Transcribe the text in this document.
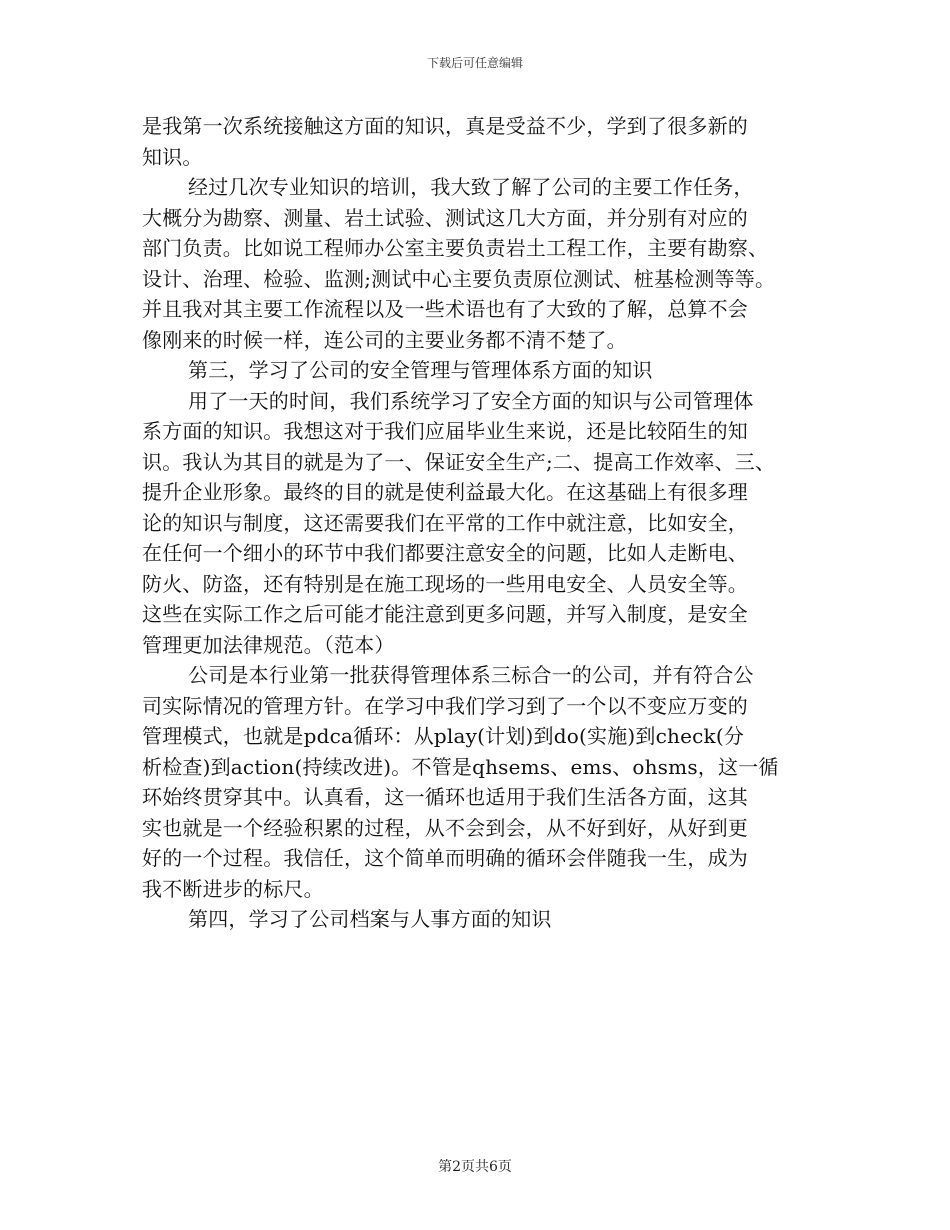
下载后可任意编辑
是我第一次系统接触这方面的知识，真是受益不少，学到了很多新的
知识。
经过几次专业知识的培训，我大致了解了公司的主要工作任务，
大概分为勘察、测量、岩土试验、测试这几大方面，并分别有对应的
部门负责。比如说工程师办公室主要负责岩土工程工作，主要有勘察、
设计、治理、检验、监测;测试中心主要负责原位测试、桩基检测等等。
并且我对其主要工作流程以及一些术语也有了大致的了解，总算不会
像刚来的时候一样，连公司的主要业务都不清不楚了。
第三，学习了公司的安全管理与管理体系方面的知识
用了一天的时间，我们系统学习了安全方面的知识与公司管理体
系方面的知识。我想这对于我们应届毕业生来说，还是比较陌生的知
识。我认为其目的就是为了一、保证安全生产;二、提高工作效率、三、
提升企业形象。最终的目的就是使利益最大化。在这基础上有很多理
论的知识与制度，这还需要我们在平常的工作中就注意，比如安全，
在任何一个细小的环节中我们都要注意安全的问题，比如人走断电、
防火、防盗，还有特别是在施工现场的一些用电安全、人员安全等。
这些在实际工作之后可能才能注意到更多问题，并写入制度，是安全
管理更加法律规范。（范本）
公司是本行业第一批获得管理体系三标合一的公司，并有符合公
司实际情况的管理方针。在学习中我们学习到了一个以不变应万变的
管理模式，也就是pdca循环：从play(计划)到do(实施)到check(分
析检查)到action(持续改进)。不管是qhsems、ems、ohsms，这一循
环始终贯穿其中。认真看，这一循环也适用于我们生活各方面，这其
实也就是一个经验积累的过程，从不会到会，从不好到好，从好到更
好的一个过程。我信任，这个简单而明确的循环会伴随我一生，成为
我不断进步的标尺。
第四，学习了公司档案与人事方面的知识
第2页共6页
